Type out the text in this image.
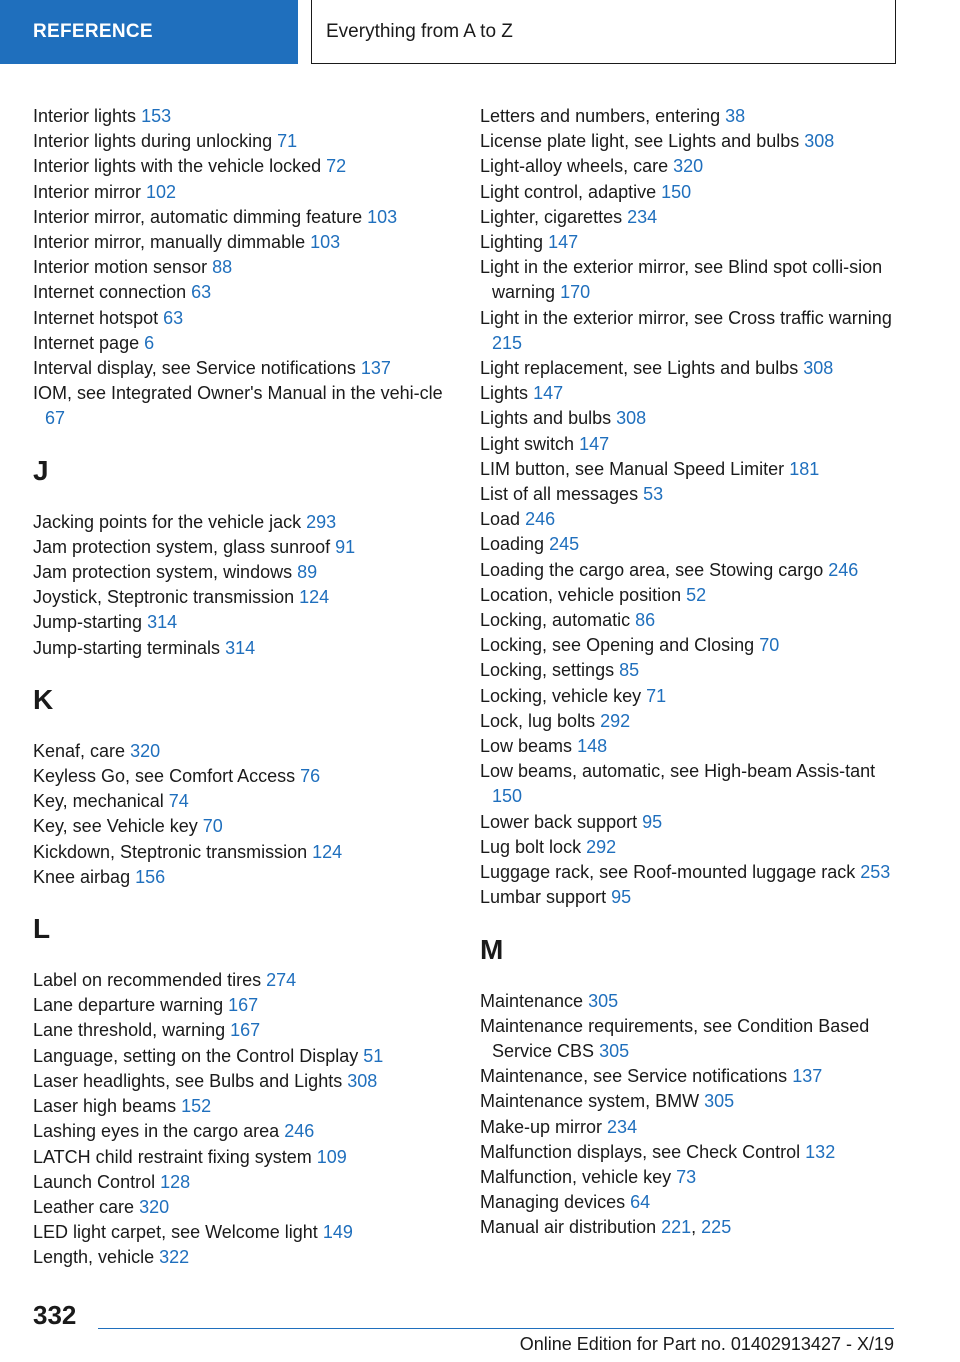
REFERENCE	Everything from A to Z
Interior lights 153
Interior lights during unlocking 71
Interior lights with the vehicle locked 72
Interior mirror 102
Interior mirror, automatic dimming feature 103
Interior mirror, manually dimmable 103
Interior motion sensor 88
Internet connection 63
Internet hotspot 63
Internet page 6
Interval display, see Service notifications 137
IOM, see Integrated Owner's Manual in the vehi‐cle 67
J
Jacking points for the vehicle jack 293
Jam protection system, glass sunroof 91
Jam protection system, windows 89
Joystick, Steptronic transmission 124
Jump-starting 314
Jump-starting terminals 314
K
Kenaf, care 320
Keyless Go, see Comfort Access 76
Key, mechanical 74
Key, see Vehicle key 70
Kickdown, Steptronic transmission 124
Knee airbag 156
L
Label on recommended tires 274
Lane departure warning 167
Lane threshold, warning 167
Language, setting on the Control Display 51
Laser headlights, see Bulbs and Lights 308
Laser high beams 152
Lashing eyes in the cargo area 246
LATCH child restraint fixing system 109
Launch Control 128
Leather care 320
LED light carpet, see Welcome light 149
Length, vehicle 322
Letters and numbers, entering 38
License plate light, see Lights and bulbs 308
Light-alloy wheels, care 320
Light control, adaptive 150
Lighter, cigarettes 234
Lighting 147
Light in the exterior mirror, see Blind spot colli‐sion warning 170
Light in the exterior mirror, see Cross traffic warning 215
Light replacement, see Lights and bulbs 308
Lights 147
Lights and bulbs 308
Light switch 147
LIM button, see Manual Speed Limiter 181
List of all messages 53
Load 246
Loading 245
Loading the cargo area, see Stowing cargo 246
Location, vehicle position 52
Locking, automatic 86
Locking, see Opening and Closing 70
Locking, settings 85
Locking, vehicle key 71
Lock, lug bolts 292
Low beams 148
Low beams, automatic, see High-beam Assis‐tant 150
Lower back support 95
Lug bolt lock 292
Luggage rack, see Roof-mounted luggage rack 253
Lumbar support 95
M
Maintenance 305
Maintenance requirements, see Condition Based Service CBS 305
Maintenance, see Service notifications 137
Maintenance system, BMW 305
Make-up mirror 234
Malfunction displays, see Check Control 132
Malfunction, vehicle key 73
Managing devices 64
Manual air distribution 221, 225
332
Online Edition for Part no. 01402913427 - X/19
